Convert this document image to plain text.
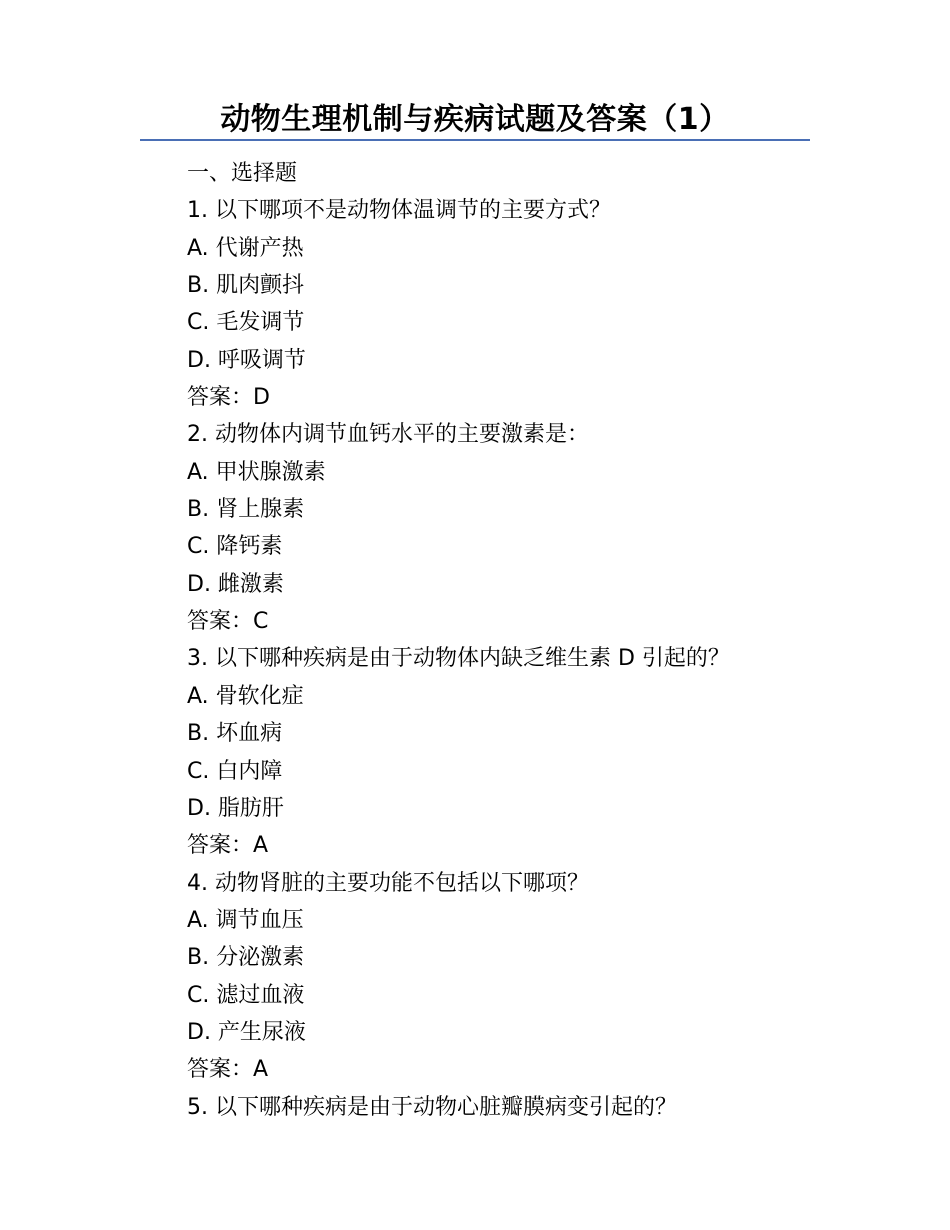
动物生理机制与疾病试题及答案（1）
一、选择题
1. 以下哪项不是动物体温调节的主要方式？
A. 代谢产热
B. 肌肉颤抖
C. 毛发调节
D. 呼吸调节
答案：D
2. 动物体内调节血钙水平的主要激素是：
A. 甲状腺激素
B. 肾上腺素
C. 降钙素
D. 雌激素
答案：C
3. 以下哪种疾病是由于动物体内缺乏维生素 D 引起的？
A. 骨软化症
B. 坏血病
C. 白内障
D. 脂肪肝
答案：A
4. 动物肾脏的主要功能不包括以下哪项？
A. 调节血压
B. 分泌激素
C. 滤过血液
D. 产生尿液
答案：A
5. 以下哪种疾病是由于动物心脏瓣膜病变引起的？
